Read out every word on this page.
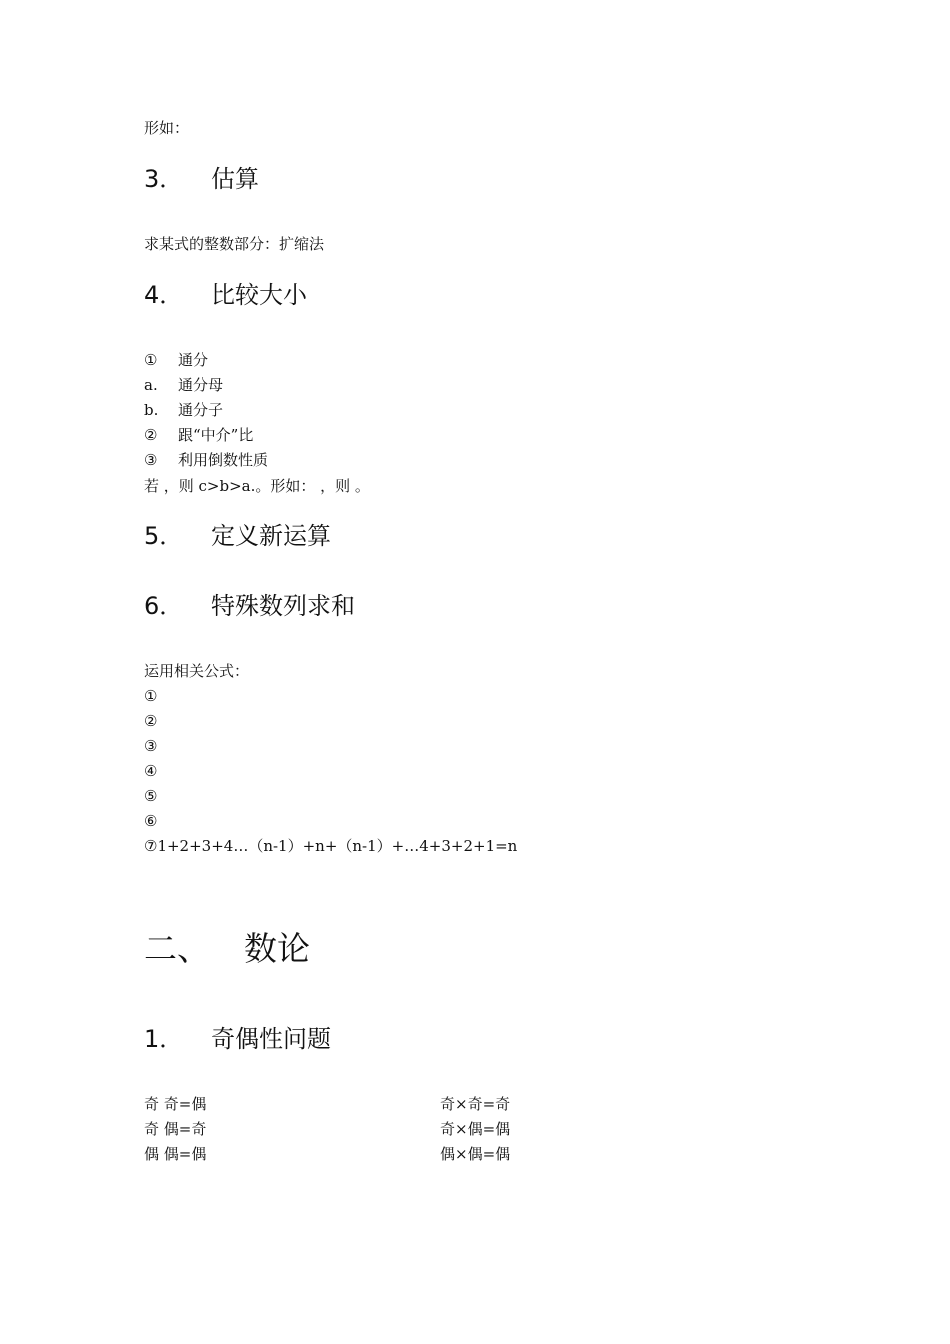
形如：
3． 估算
求某式的整数部分：扩缩法
4． 比较大小
① 通分
a. 通分母
b. 通分子
② 跟“中介”比
③ 利用倒数性质
若 ，则 c>b>a.。形如： ，则 。
5． 定义新运算
6． 特殊数列求和
运用相关公式：
①
②
③
④
⑤
⑥
⑦1+2+3+4…（n-1）+n+（n-1）+…4+3+2+1=n
二、 数论
1． 奇偶性问题
奇 奇=偶	奇×奇=奇
奇 偶=奇	奇×偶=偶
偶 偶=偶	偶×偶=偶
